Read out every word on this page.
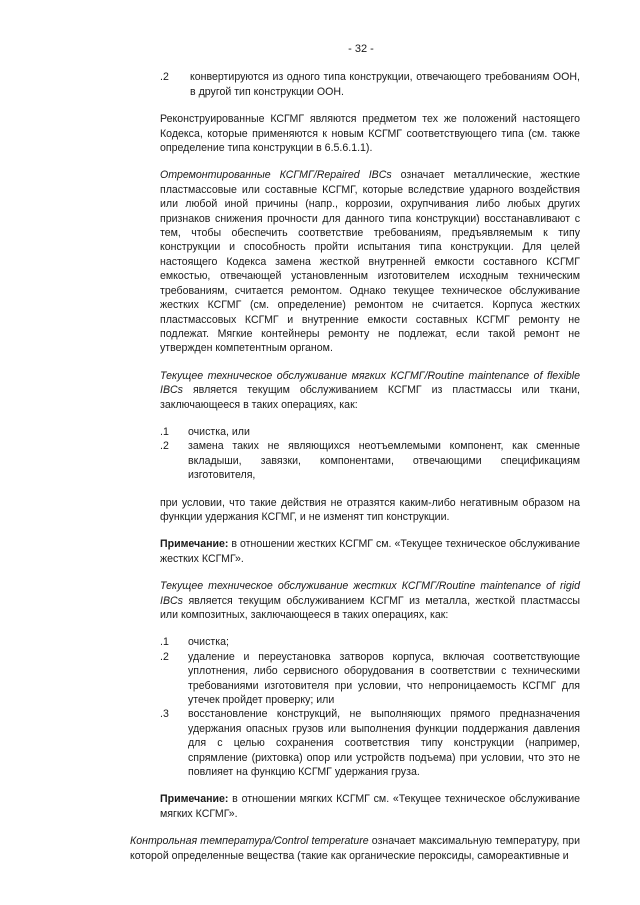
- 32 -
.2	конвертируются из одного типа конструкции, отвечающего требованиям ООН, в другой тип конструкции ООН.

Реконструированные КСГМГ являются предметом тех же положений настоящего Кодекса, которые применяются к новым КСГМГ соответствующего типа (см. также определение типа конструкции в 6.5.6.1.1).

Отремонтированные КСГМГ/Repaired IBCs означает металлические, жесткие пластмассовые или составные КСГМГ, которые вследствие ударного воздействия или любой иной причины (напр., коррозии, охрупчивания либо любых других признаков снижения прочности для данного типа конструкции) восстанавливают с тем, чтобы обеспечить соответствие требованиям, предъявляемым к типу конструкции и способность пройти испытания типа конструкции. Для целей настоящего Кодекса замена жесткой внутренней емкости составного КСГМГ емкостью, отвечающей установленным изготовителем исходным техническим требованиям, считается ремонтом. Однако текущее техническое обслуживание жестких КСГМГ (см. определение) ремонтом не считается. Корпуса жестких пластмассовых КСГМГ и внутренние емкости составных КСГМГ ремонту не подлежат. Мягкие контейнеры ремонту не подлежат, если такой ремонт не утвержден компетентным органом.

Текущее техническое обслуживание мягких КСГМГ/Routine maintenance of flexible IBCs является текущим обслуживанием КСГМГ из пластмассы или ткани, заключающееся в таких операциях, как:

.1	очистка, или
.2	замена таких не являющихся неотъемлемыми компонент, как сменные вкладыши, завязки, компонентами, отвечающими спецификациям изготовителя,

при условии, что такие действия не отразятся каким-либо негативным образом на функции удержания КСГМГ, и не изменят тип конструкции.

Примечание: в отношении жестких КСГМГ см. «Текущее техническое обслуживание жестких КСГМГ».

Текущее техническое обслуживание жестких КСГМГ/Routine maintenance of rigid IBCs является текущим обслуживанием КСГМГ из металла, жесткой пластмассы или композитных, заключающееся в таких операциях, как:

.1	очистка;
.2	удаление и переустановка затворов корпуса, включая соответствующие уплотнения, либо сервисного оборудования в соответствии с техническими требованиями изготовителя при условии, что непроницаемость КСГМГ для утечек пройдет проверку; или
.3	восстановление конструкций, не выполняющих прямого предназначения удержания опасных грузов или выполнения функции поддержания давления для с целью сохранения соответствия типу конструкции (например, спрямление (рихтовка) опор или устройств подъема) при условии, что это не повлияет на функцию КСГМГ удержания груза.

Примечание: в отношении мягких КСГМГ см. «Текущее техническое обслуживание мягких КСГМГ».

Контрольная температура/Control temperature означает максимальную температуру, при которой определенные вещества (такие как органические пероксиды, самореактивные и
